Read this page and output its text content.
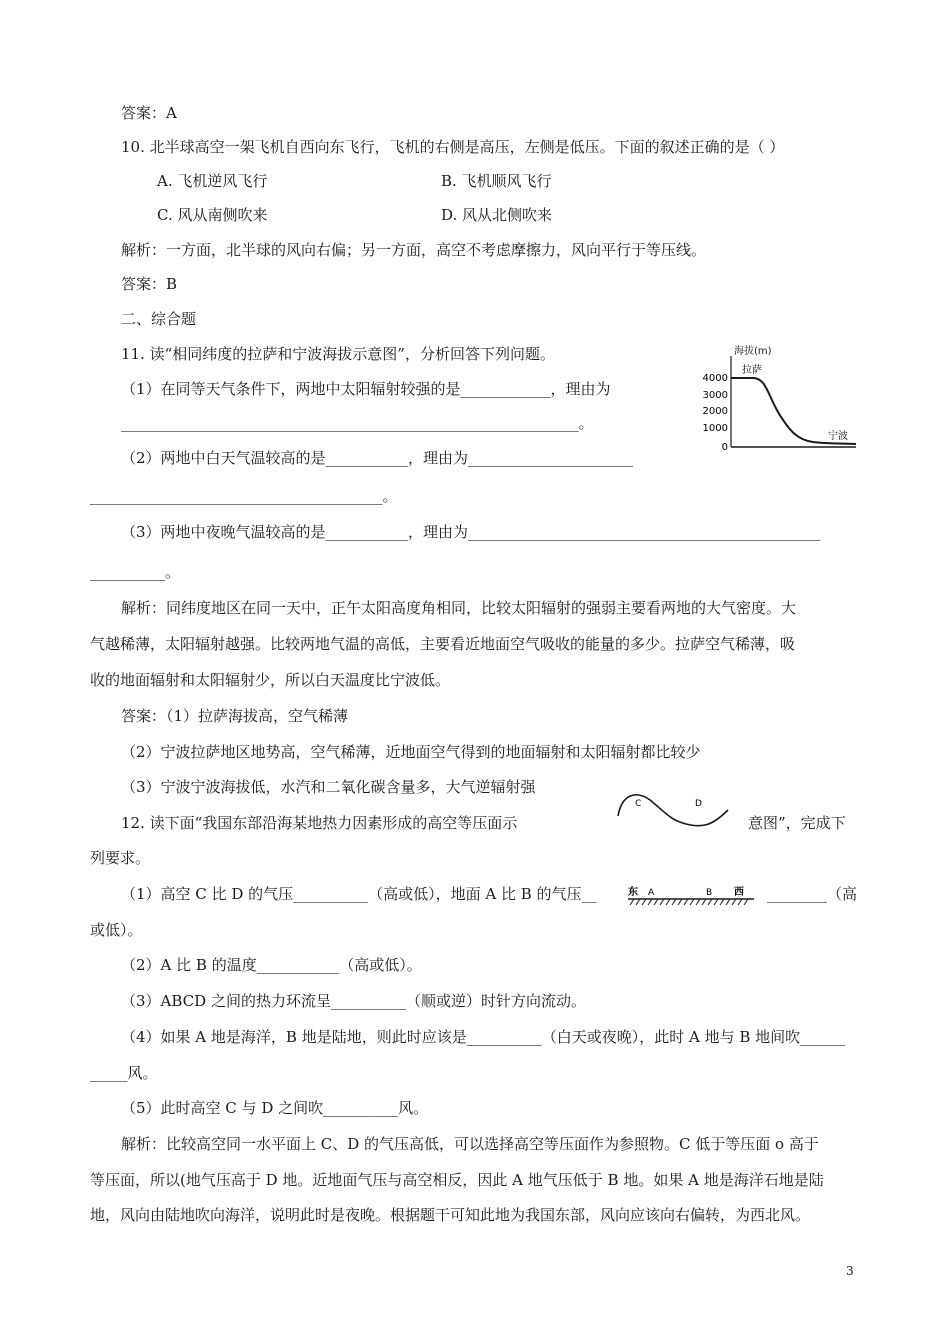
答案：A
10. 北半球高空一架飞机自西向东飞行，飞机的右侧是高压，左侧是低压。下面的叙述正确的是（ ）
A. 飞机逆风飞行	B. 飞机顺风飞行
C. 风从南侧吹来	D. 风从北侧吹来
解析：一方面，北半球的风向右偏；另一方面，高空不考虑摩擦力，风向平行于等压线。
答案：B
二、综合题
11. 读“相同纬度的拉萨和宁波海拔示意图”，分析回答下列问题。
（1）在同等天气条件下，两地中太阳辐射较强的是____________，理由为
_____________________________________________________________。
（2）两地中白天气温较高的是___________，理由为______________________
_______________________________________。
（3）两地中夜晚气温较高的是___________，理由为_______________________________________________
__________。
解析：同纬度地区在同一天中，正午太阳高度角相同，比较太阳辐射的强弱主要看两地的大气密度。大
气越稀薄，太阳辐射越强。比较两地气温的高低，主要看近地面空气吸收的能量的多少。拉萨空气稀薄，吸
收的地面辐射和太阳辐射少，所以白天温度比宁波低。
答案：（1）拉萨海拔高，空气稀薄
（2）宁波拉萨地区地势高，空气稀薄，近地面空气得到的地面辐射和太阳辐射都比较少
（3）宁波宁波海拔低，水汽和二氧化碳含量多，大气逆辐射强
海拔(m)
4000
3000
2000
1000
0
拉萨
宁波
12. 读下面“我国东部沿海某地热力因素形成的高空等压面示	意图”，完成下
列要求。
C	D
东 A	B 西
（1）高空 C 比 D 的气压__________（高或低），地面 A 比 B 的气压__	________（高
或低）。
（2）A 比 B 的温度___________（高或低）。
（3）ABCD 之间的热力环流呈__________（顺或逆）时针方向流动。
（4）如果 A 地是海洋，B 地是陆地，则此时应该是__________（白天或夜晚），此时 A 地与 B 地间吹______
_____风。
（5）此时高空 C 与 D 之间吹__________风。
解析：比较高空同一水平面上 C、D 的气压高低，可以选择高空等压面作为参照物。C 低于等压面 o 高于
等压面，所以(地气压高于 D 地。近地面气压与高空相反，因此 A 地气压低于 B 地。如果 A 地是海洋石地是陆
地，风向由陆地吹向海洋，说明此时是夜晚。根据题干可知此地为我国东部，风向应该向右偏转，为西北风。
3
